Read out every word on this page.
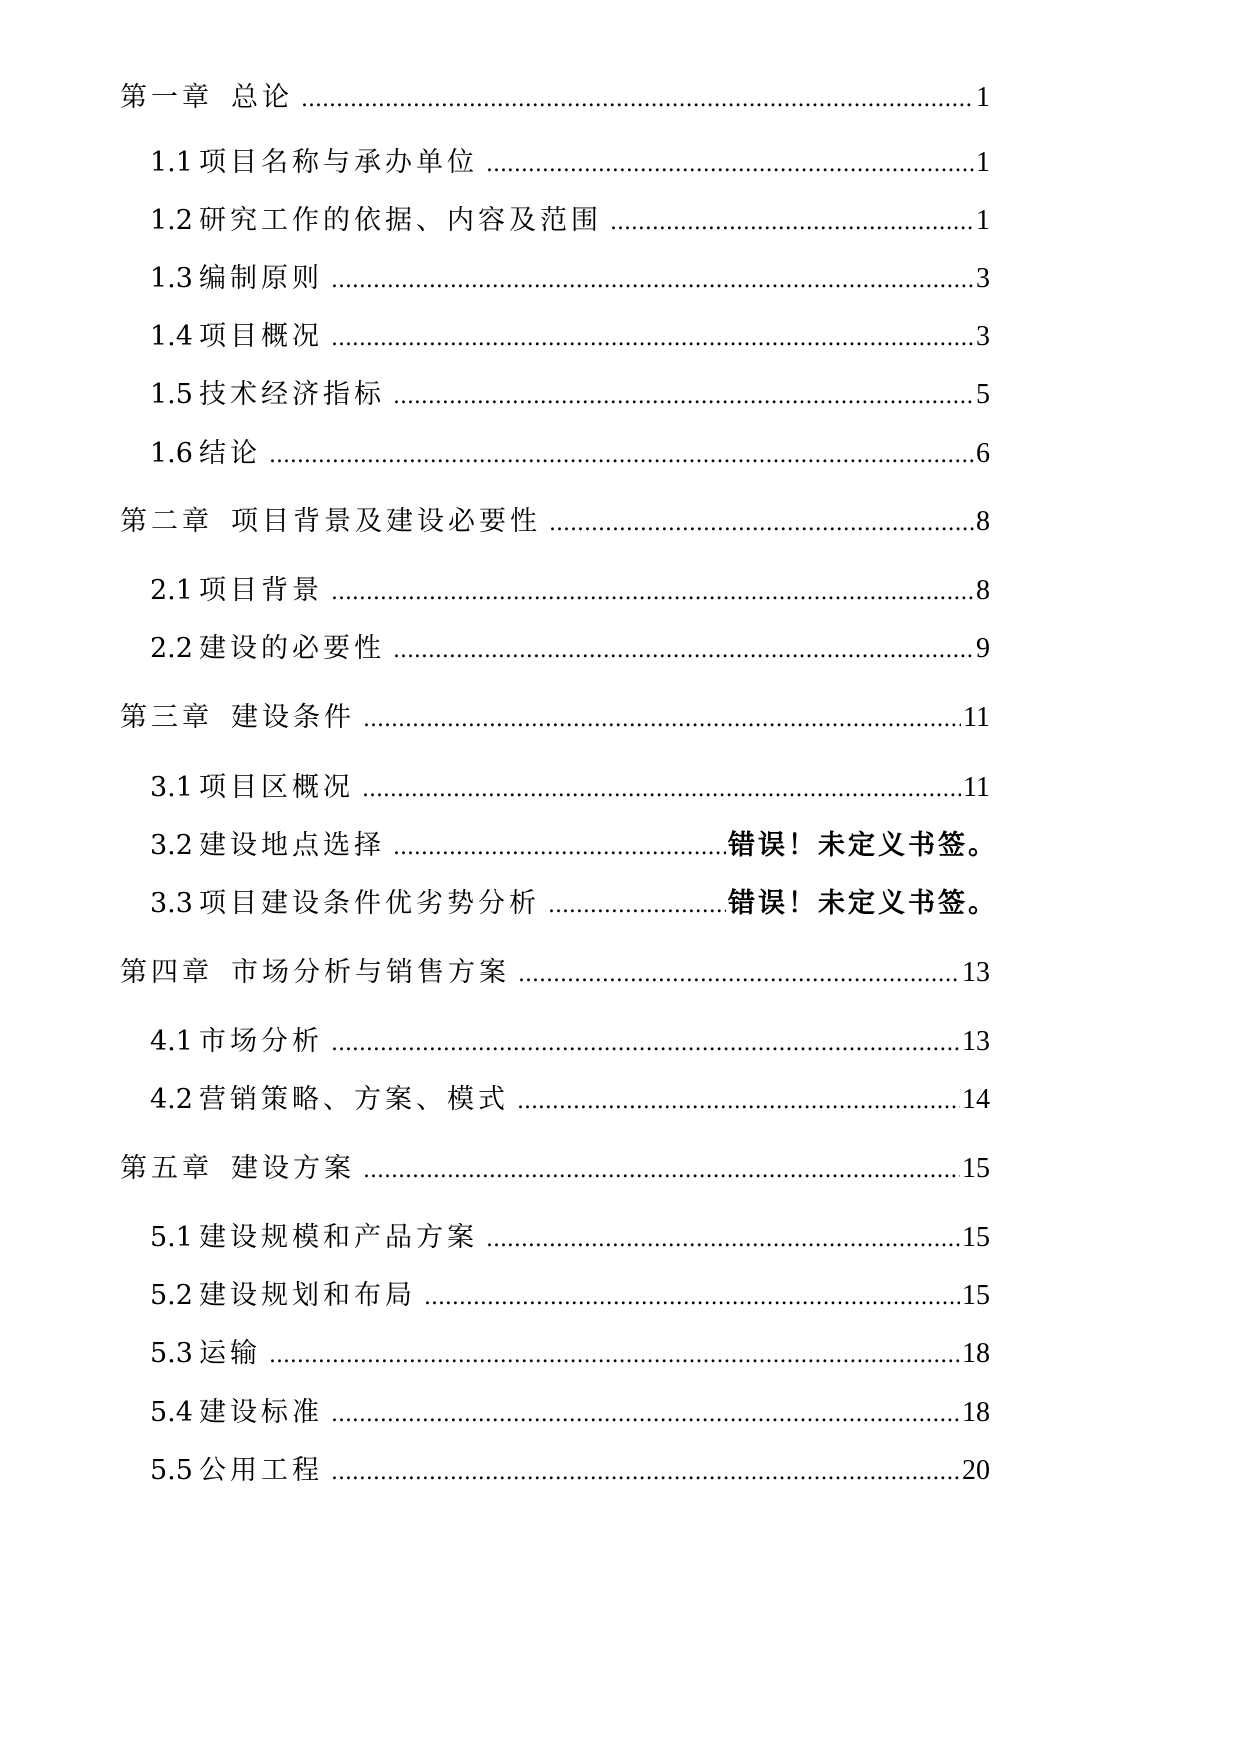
第一章 总论 .....	1
1.1 项目名称与承办单位 .....	1
1.2 研究工作的依据、内容及范围 .....	1
1.3 编制原则 .....	3
1.4 项目概况 .....	3
1.5 技术经济指标 .....	5
1.6 结论 .....	6
第二章 项目背景及建设必要性 .....	8
2.1 项目背景 .....	8
2.2 建设的必要性 .....	9
第三章 建设条件 .....	11
3.1 项目区概况 .....	11
3.2 建设地点选择 .....	错误！未定义书签。
3.3 项目建设条件优劣势分析 .....	错误！未定义书签。
第四章 市场分析与销售方案 .....	13
4.1 市场分析 .....	13
4.2 营销策略、方案、模式 .....	14
第五章 建设方案 .....	15
5.1 建设规模和产品方案 .....	15
5.2 建设规划和布局 .....	15
5.3 运输 .....	18
5.4 建设标准 .....	18
5.5 公用工程 .....	20
